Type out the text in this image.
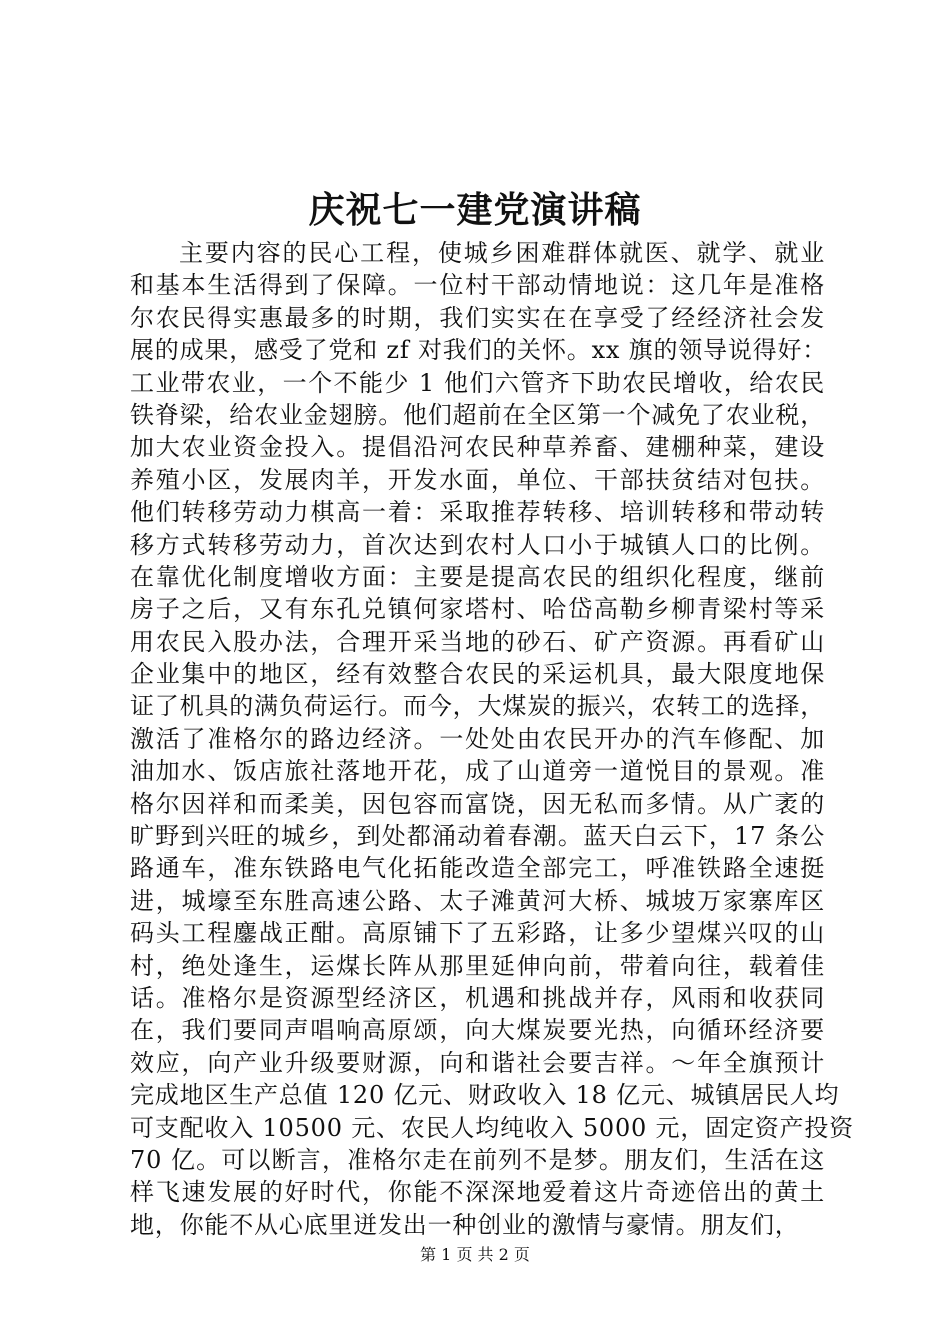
庆祝七一建党演讲稿
主要内容的民心工程，使城乡困难群体就医、就学、就业
和基本生活得到了保障。一位村干部动情地说：这几年是准格
尔农民得实惠最多的时期，我们实实在在享受了经经济社会发
展的成果，感受了党和 zf 对我们的关怀。xx 旗的领导说得好：
工业带农业，一个不能少 1 他们六管齐下助农民增收，给农民
铁脊梁，给农业金翅膀。他们超前在全区第一个减免了农业税，
加大农业资金投入。提倡沿河农民种草养畜、建棚种菜，建设
养殖小区，发展肉羊，开发水面，单位、干部扶贫结对包扶。
他们转移劳动力棋高一着：采取推荐转移、培训转移和带动转
移方式转移劳动力，首次达到农村人口小于城镇人口的比例。
在靠优化制度增收方面：主要是提高农民的组织化程度，继前
房子之后，又有东孔兑镇何家塔村、哈岱高勒乡柳青梁村等采
用农民入股办法，合理开采当地的砂石、矿产资源。再看矿山
企业集中的地区，经有效整合农民的采运机具，最大限度地保
证了机具的满负荷运行。而今，大煤炭的振兴，农转工的选择，
激活了准格尔的路边经济。一处处由农民开办的汽车修配、加
油加水、饭店旅社落地开花，成了山道旁一道悦目的景观。准
格尔因祥和而柔美，因包容而富饶，因无私而多情。从广袤的
旷野到兴旺的城乡，到处都涌动着春潮。蓝天白云下，17 条公
路通车，准东铁路电气化拓能改造全部完工，呼准铁路全速挺
进，城壕至东胜高速公路、太子滩黄河大桥、城坡万家寨库区
码头工程鏖战正酣。高原铺下了五彩路，让多少望煤兴叹的山
村，绝处逢生，运煤长阵从那里延伸向前，带着向往，载着佳
话。准格尔是资源型经济区，机遇和挑战并存，风雨和收获同
在，我们要同声唱响高原颂，向大煤炭要光热，向循环经济要
效应，向产业升级要财源，向和谐社会要吉祥。～年全旗预计
完成地区生产总值 120 亿元、财政收入 18 亿元、城镇居民人均
可支配收入 10500 元、农民人均纯收入 5000 元，固定资产投资
70 亿。可以断言，准格尔走在前列不是梦。朋友们，生活在这
样飞速发展的好时代，你能不深深地爱着这片奇迹倍出的黄土
地，你能不从心底里迸发出一种创业的激情与豪情。朋友们，
第 1 页 共 2 页
